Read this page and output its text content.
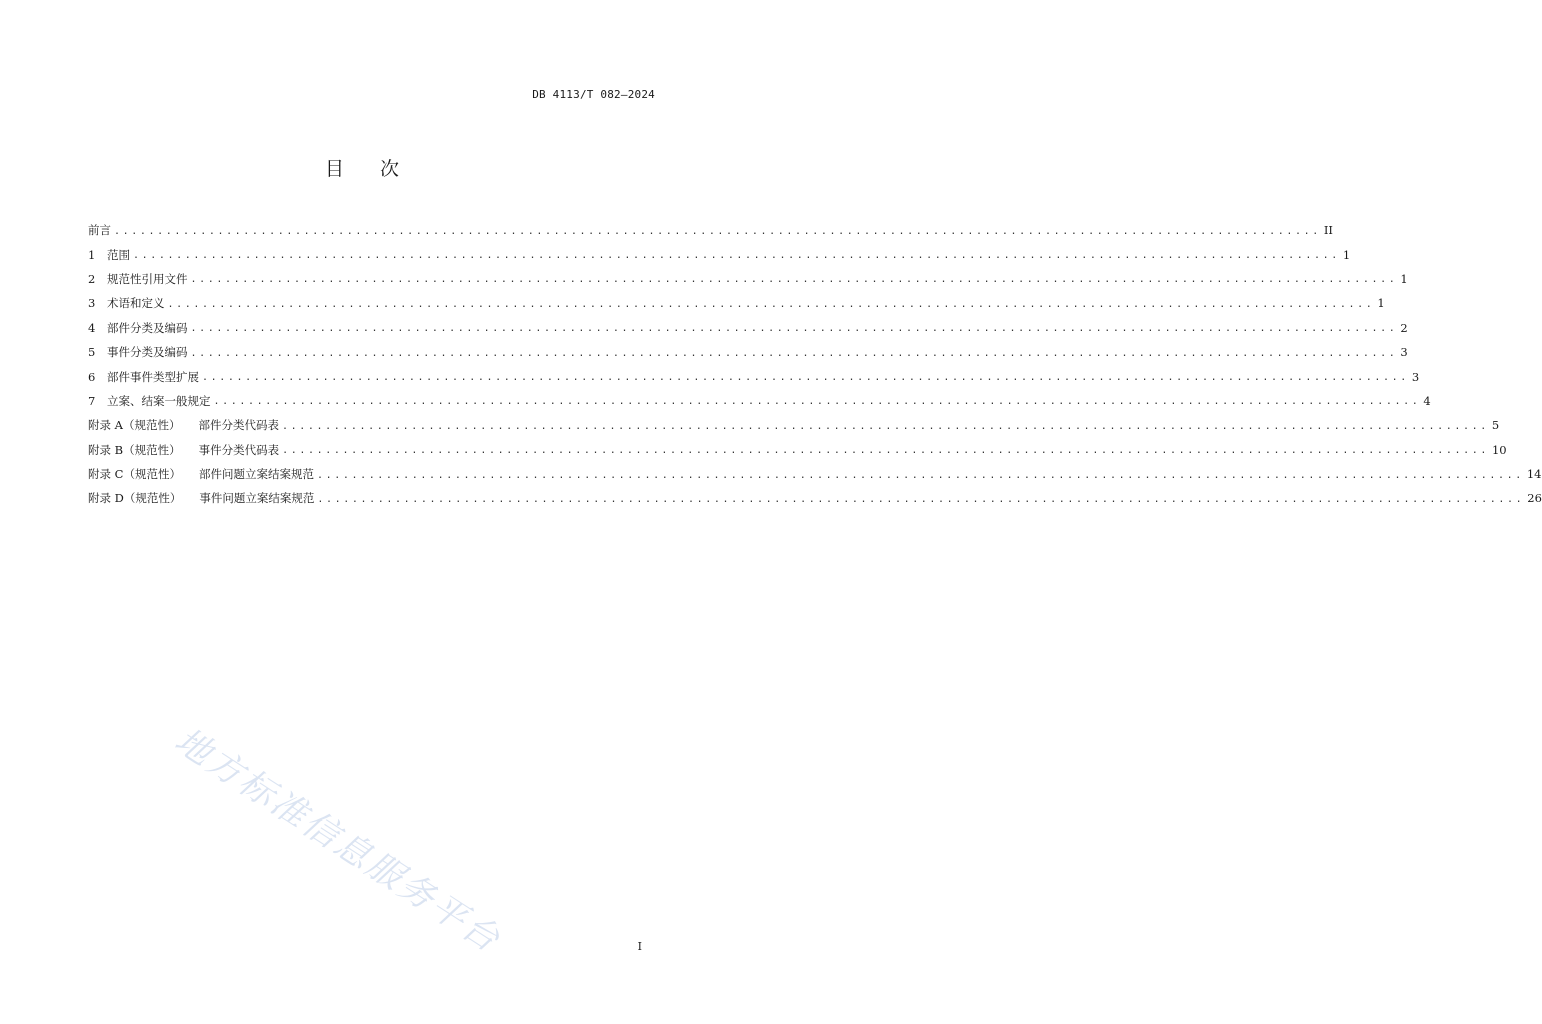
DB 4113/T 082—2024
目 次
前言 ............................................................................................................................................ II
1 范围 ............................................................................................................................................ 1
2 规范性引用文件 ............................................................................................................................................ 1
3 术语和定义 ............................................................................................................................................ 1
4 部件分类及编码 ............................................................................................................................................ 2
5 事件分类及编码 ............................................................................................................................................ 3
6 部件事件类型扩展 ............................................................................................................................................ 3
7 立案、结案一般规定 ............................................................................................................................................ 4
附录 A（规范性） 部件分类代码表 ............................................................................................................................................ 5
附录 B（规范性） 事件分类代码表 ............................................................................................................................................ 10
附录 C（规范性） 部件问题立案结案规范 ............................................................................................................................................ 14
附录 D（规范性） 事件问题立案结案规范 ............................................................................................................................................ 26
地方标准信息服务平台	I
